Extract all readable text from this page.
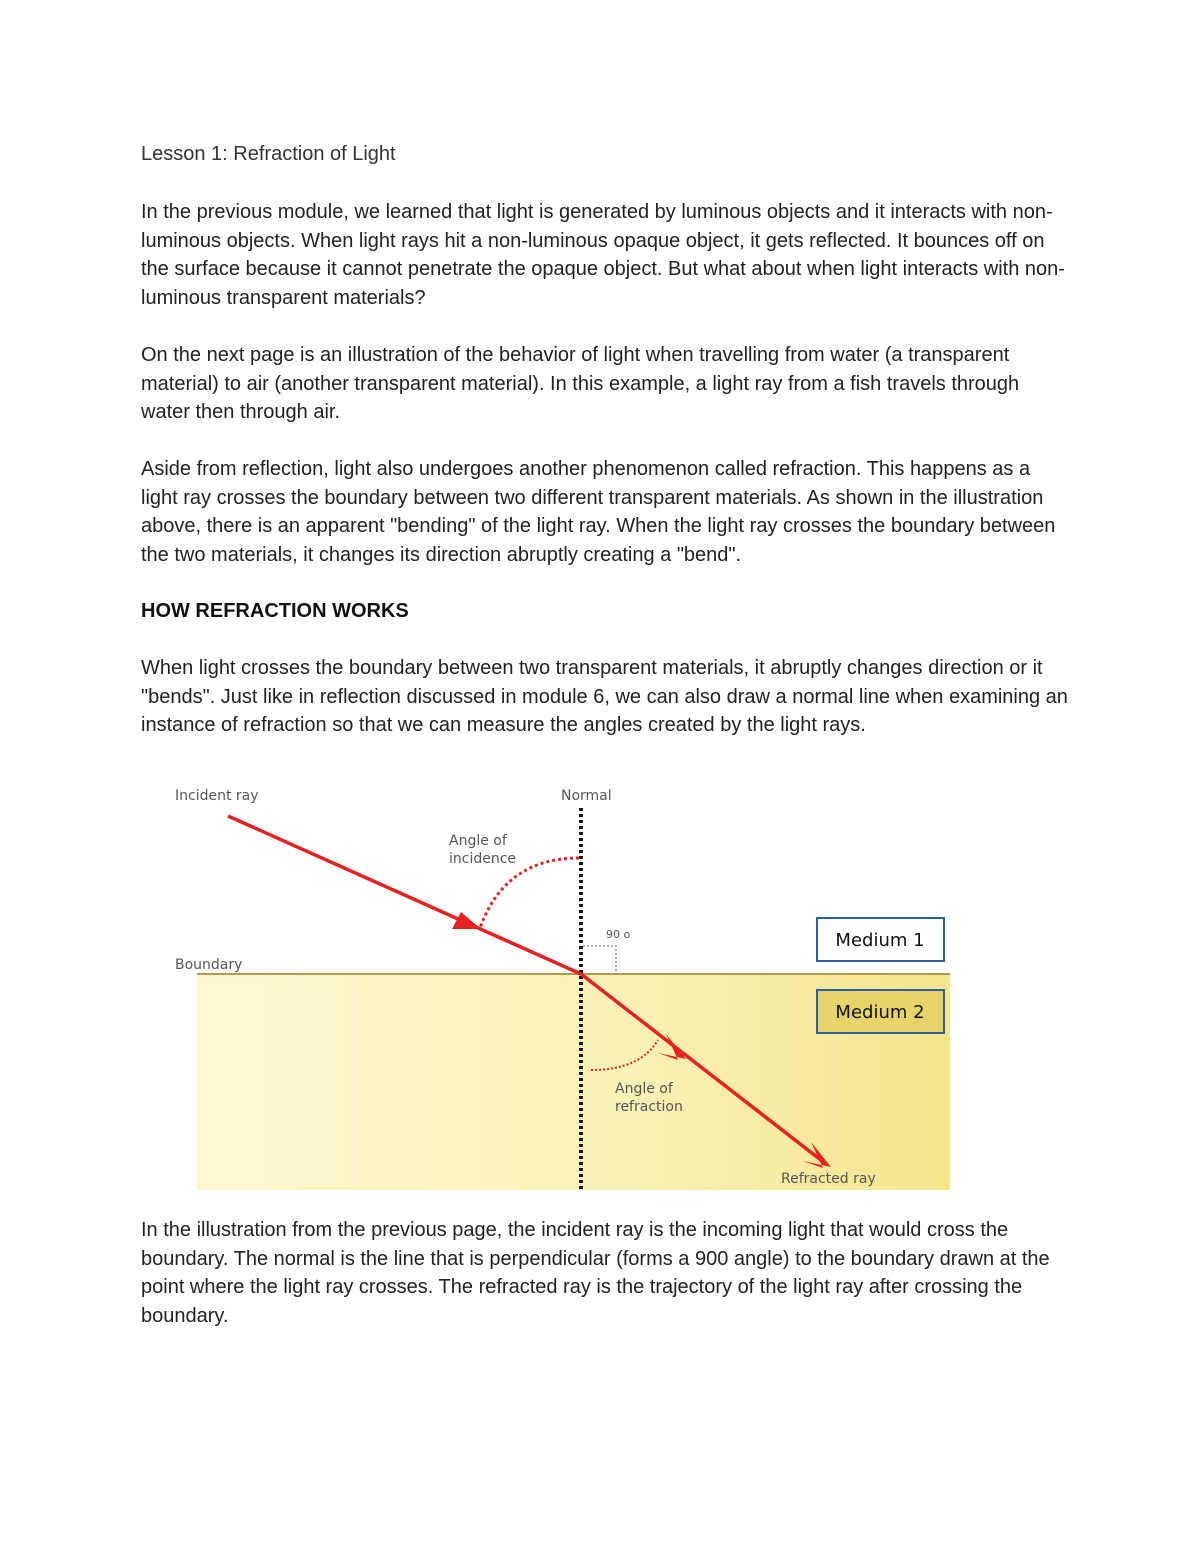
Lesson 1: Refraction of Light

In the previous module, we learned that light is generated by luminous objects and it interacts with non-luminous objects. When light rays hit a non-luminous opaque object, it gets reflected. It bounces off on the surface because it cannot penetrate the opaque object. But what about when light interacts with non-luminous transparent materials?

On the next page is an illustration of the behavior of light when travelling from water (a transparent material) to air (another transparent material). In this example, a light ray from a fish travels through water then through air.

Aside from reflection, light also undergoes another phenomenon called refraction. This happens as a light ray crosses the boundary between two different transparent materials. As shown in the illustration above, there is an apparent "bending" of the light ray. When the light ray crosses the boundary between the two materials, it changes its direction abruptly creating a "bend".

HOW REFRACTION WORKS

When light crosses the boundary between two transparent materials, it abruptly changes direction or it "bends". Just like in reflection discussed in module 6, we can also draw a normal line when examining an instance of refraction so that we can measure the angles created by the light rays.

Medium 1
Medium 2
Incident ray	Normal
Angle of
incidence
90 o
Boundary
Angle of
refraction
Refracted ray

In the illustration from the previous page, the incident ray is the incoming light that would cross the boundary. The normal is the line that is perpendicular (forms a 900 angle) to the boundary drawn at the point where the light ray crosses. The refracted ray is the trajectory of the light ray after crossing the boundary.
